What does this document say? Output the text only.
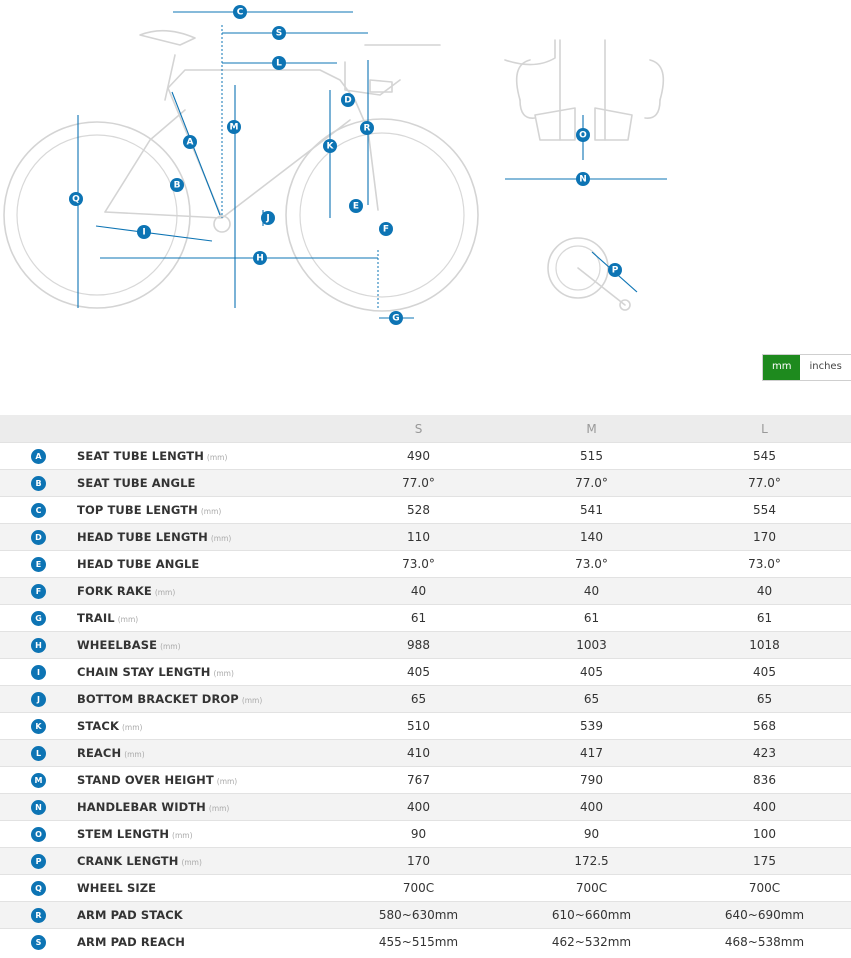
A
B
C
D
E
F
G
H
I
J
K
L
M
N
O
P
Q
R
S
mm	inches
		S	M	L
A	SEAT TUBE LENGTH (mm)	490	515	545
B	SEAT TUBE ANGLE	77.0°	77.0°	77.0°
C	TOP TUBE LENGTH (mm)	528	541	554
D	HEAD TUBE LENGTH (mm)	110	140	170
E	HEAD TUBE ANGLE	73.0°	73.0°	73.0°
F	FORK RAKE (mm)	40	40	40
G	TRAIL (mm)	61	61	61
H	WHEELBASE (mm)	988	1003	1018
I	CHAIN STAY LENGTH (mm)	405	405	405
J	BOTTOM BRACKET DROP (mm)	65	65	65
K	STACK (mm)	510	539	568
L	REACH (mm)	410	417	423
M	STAND OVER HEIGHT (mm)	767	790	836
N	HANDLEBAR WIDTH (mm)	400	400	400
O	STEM LENGTH (mm)	90	90	100
P	CRANK LENGTH (mm)	170	172.5	175
Q	WHEEL SIZE	700C	700C	700C
R	ARM PAD STACK	580~630mm	610~660mm	640~690mm
S	ARM PAD REACH	455~515mm	462~532mm	468~538mm
